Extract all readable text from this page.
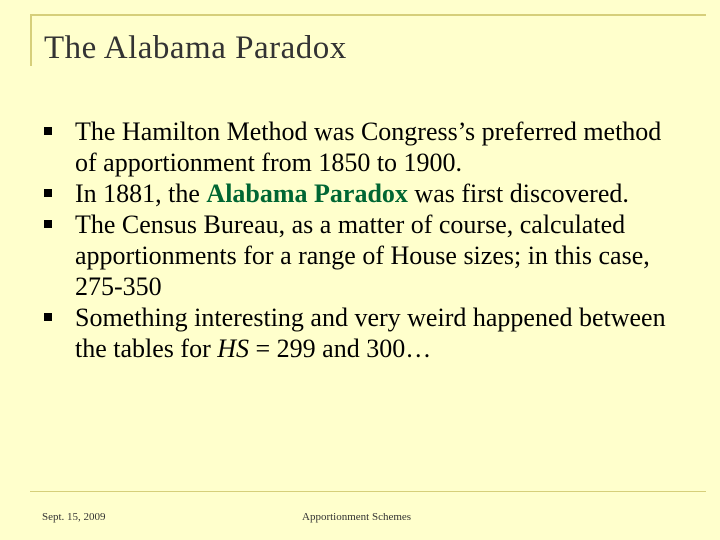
The Alabama Paradox
The Hamilton Method was Congress’s preferred method of apportionment from 1850 to 1900.
In 1881, the Alabama Paradox was first discovered.
The Census Bureau, as a matter of course, calculated apportionments for a range of House sizes; in this case, 275-350
Something interesting and very weird happened between the tables for HS = 299 and 300…
Sept. 15, 2009	Apportionment Schemes
